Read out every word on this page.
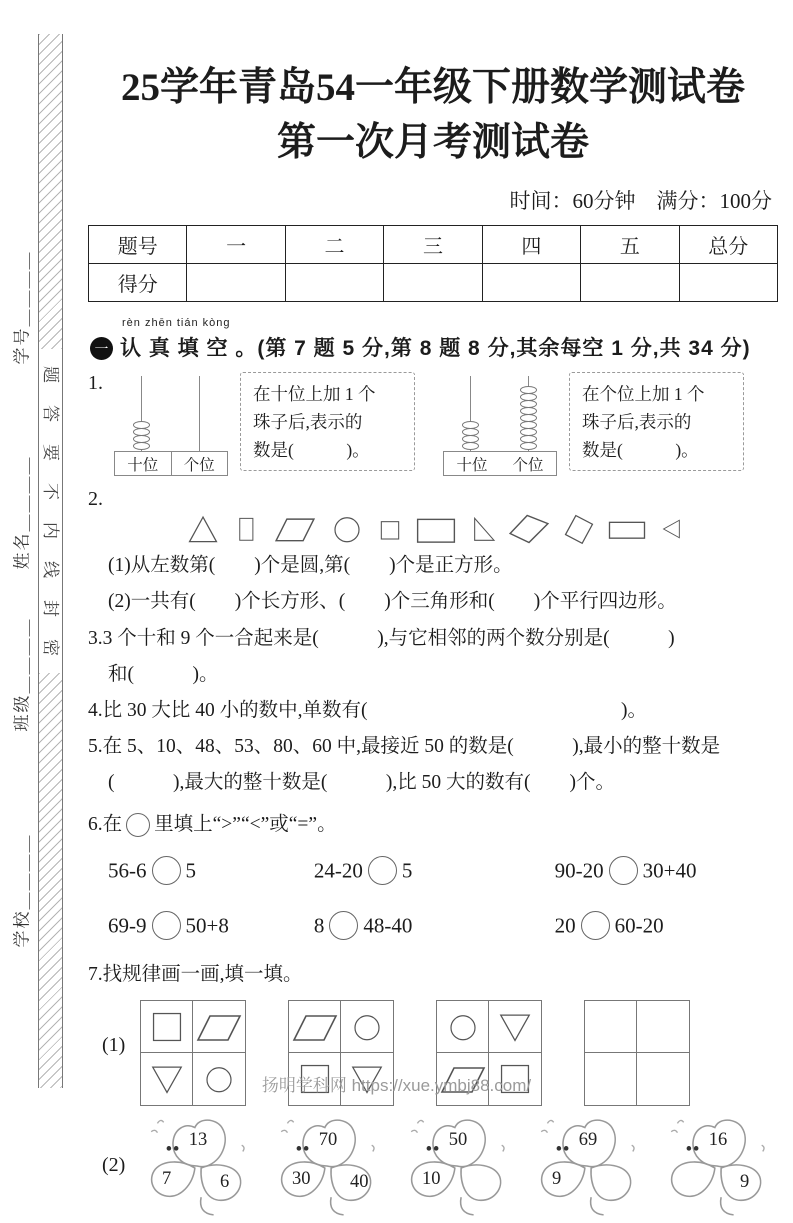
学号＿＿＿＿
姓名＿＿＿＿
班级＿＿＿＿
学校＿＿＿＿
题
答
要
不
内
线
封
密
25学年青岛54一年级下册数学测试卷
第一次月考测试卷
时间：60分钟　满分：100分
题号	一	二	三	四	五	总分
得分						
一
rèn zhēn tián kòng
认 真 填 空 。(第 7 题 5 分,第 8 题 8 分,其余每空 1 分,共 34 分)
1.
十位	个位
在十位上加 1 个
珠子后,表示的
数是(　　　)。
十位	个位
在个位上加 1 个
珠子后,表示的
数是(　　　)。
2.
(1)从左数第(　　)个是圆,第(　　)个是正方形。
(2)一共有(　　)个长方形、(　　)个三角形和(　　)个平行四边形。
3.3 个十和 9 个一合起来是(　　　),与它相邻的两个数分别是(　　　)
和(　　　)。
4.比 30 大比 40 小的数中,单数有(　　　　　　　　　　　　　)。
5.在 5、10、48、53、80、60 中,最接近 50 的数是(　　　),最小的整十数是
(　　　),最大的整十数是(　　　),比 50 大的数有(　　)个。
6.在 里填上“>”“<”或“=”。
56-6 5	24-20 5	90-20 30+40
69-9 50+8	8 48-40	20 60-20
7.找规律画一画,填一填。
(1)
(2)
13
7	6
70
30 40
50
10
69
9
16
9
扬明学科网 https://xue.ymbj88.com/
